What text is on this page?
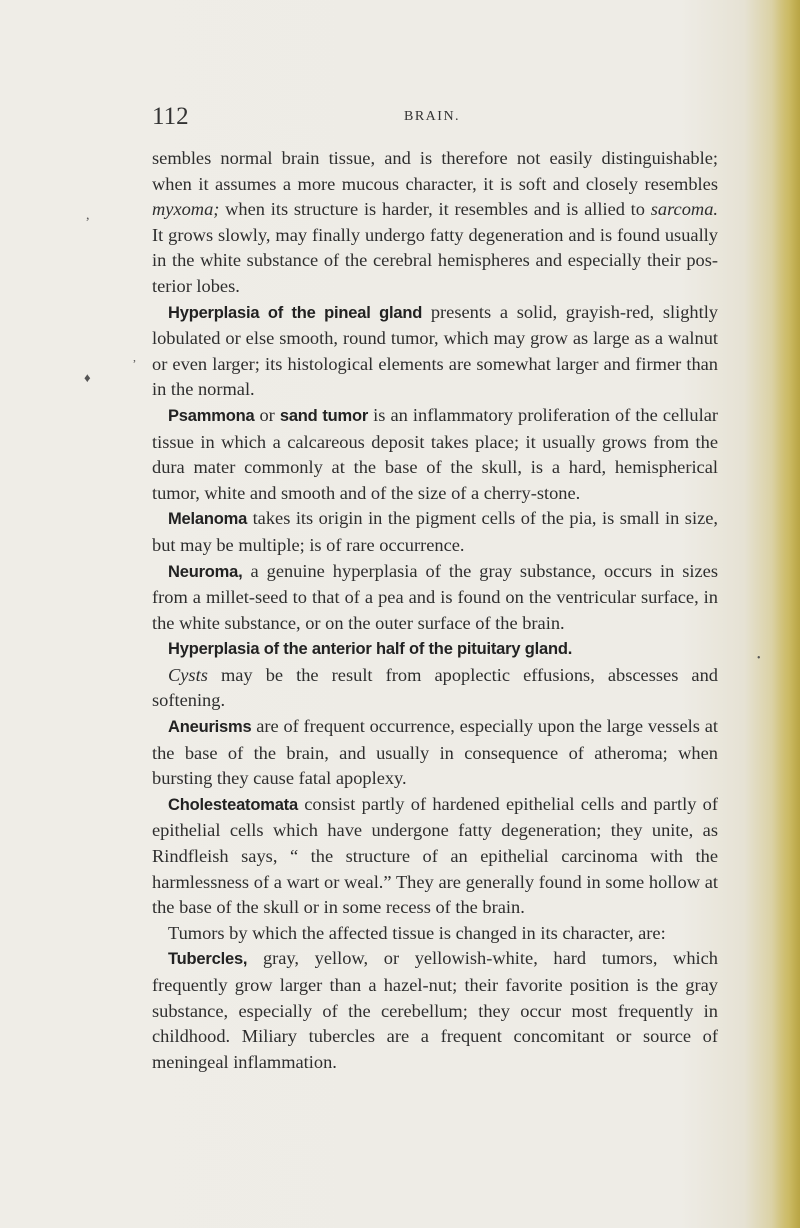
112	BRAIN.

sembles normal brain tissue, and is therefore not easily distinguishable; when it assumes a more mucous character, it is soft and closely resembles myxoma; when its structure is harder, it resembles and is allied to sarcoma. It grows slowly, may finally undergo fatty degeneration and is found usually in the white substance of the cerebral hemispheres and especially their posterior lobes.

Hyperplasia of the pineal gland presents a solid, grayish-red, slightly lobulated or else smooth, round tumor, which may grow as large as a walnut or even larger; its histological elements are somewhat larger and firmer than in the normal.

Psammona or sand tumor is an inflammatory proliferation of the cellular tissue in which a calcareous deposit takes place; it usually grows from the dura mater commonly at the base of the skull, is a hard, hemispherical tumor, white and smooth and of the size of a cherry-stone.

Melanoma takes its origin in the pigment cells of the pia, is small in size, but may be multiple; is of rare occurrence.

Neuroma, a genuine hyperplasia of the gray substance, occurs in sizes from a millet-seed to that of a pea and is found on the ventricular surface, in the white substance, or on the outer surface of the brain.

Hyperplasia of the anterior half of the pituitary gland.

Cysts may be the result from apoplectic effusions, abscesses and softening.

Aneurisms are of frequent occurrence, especially upon the large vessels at the base of the brain, and usually in consequence of atheroma; when bursting they cause fatal apoplexy.

Cholesteatomata consist partly of hardened epithelial cells and partly of epithelial cells which have undergone fatty degeneration; they unite, as Rindfleish says, “ the structure of an epithelial carcinoma with the harmlessness of a wart or weal.” They are generally found in some hollow at the base of the skull or in some recess of the brain.

Tumors by which the affected tissue is changed in its character, are:

Tubercles, gray, yellow, or yellowish-white, hard tumors, which frequently grow larger than a hazel-nut; their favorite position is the gray substance, especially of the cerebellum; they occur most frequently in childhood. Miliary tubercles are a frequent concomitant or source of meningeal inflammation.

,
,
♦
•
